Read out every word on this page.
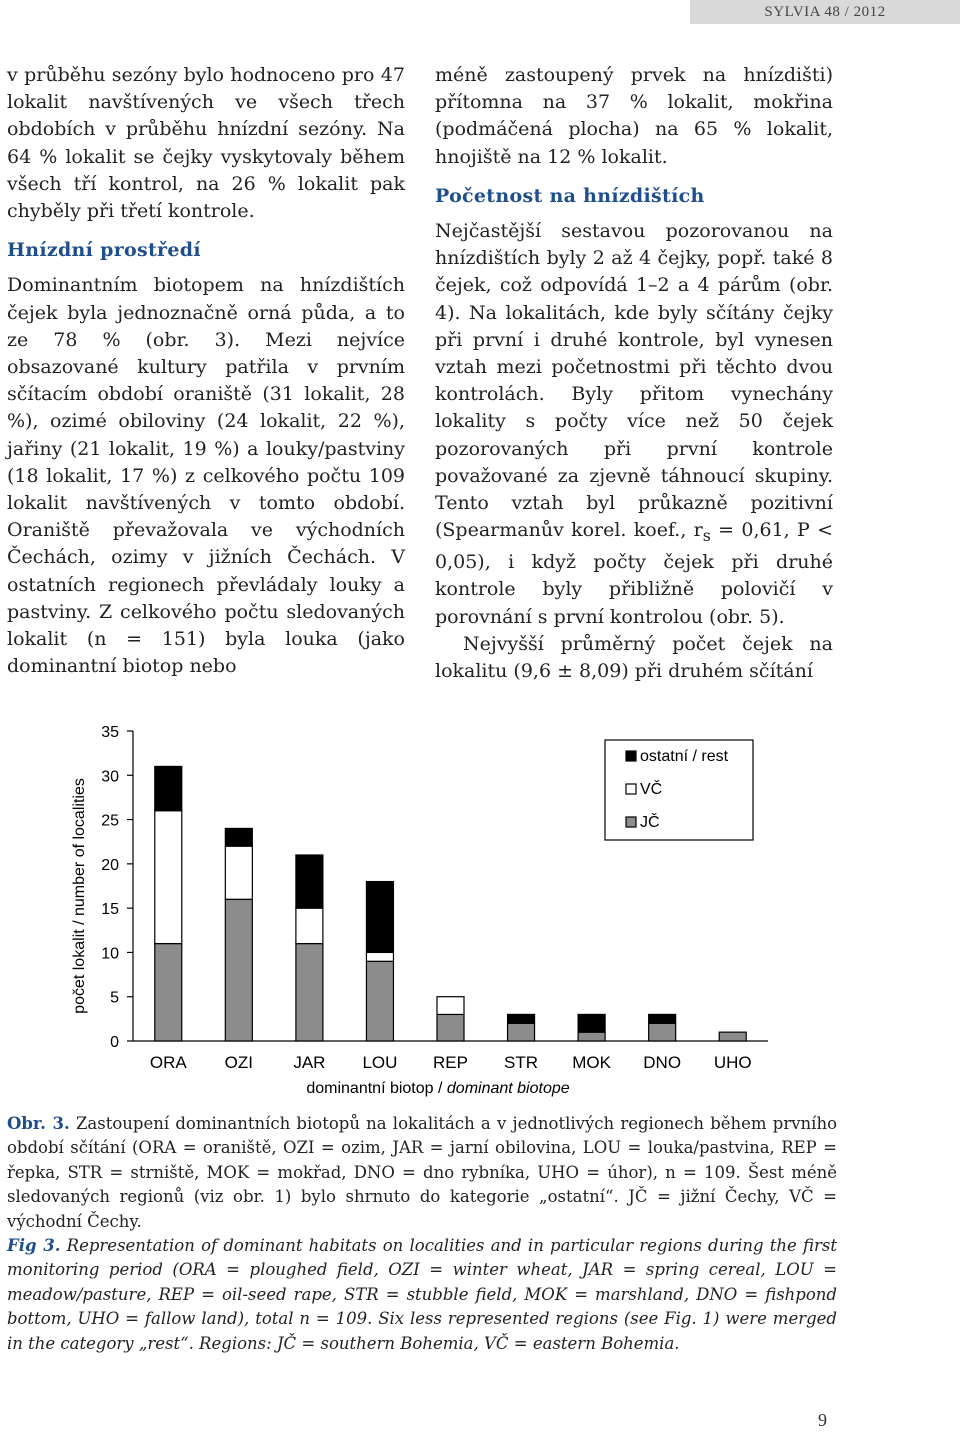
SYLVIA 48 / 2012

v průběhu sezóny bylo hodnoceno pro 47 lokalit navštívených ve všech třech obdobích v průběhu hnízdní sezóny. Na 64 % lokalit se čejky vyskytovaly během všech tří kontrol, na 26 % lokalit pak chyběly při třetí kontrole.

Hnízdní prostředí

Dominantním biotopem na hnízdištích čejek byla jednoznačně orná půda, a to ze 78 % (obr. 3). Mezi nejvíce obsazované kultury patřila v prvním sčítacím období oraniště (31 lokalit, 28 %), ozimé obiloviny (24 lokalit, 22 %), jařiny (21 lokalit, 19 %) a louky/pastviny (18 lokalit, 17 %) z celkového počtu 109 lokalit navštívených v tomto období. Oraniště převažovala ve východních Čechách, ozimy v jižních Čechách. V ostatních regionech převládaly louky a pastviny. Z celkového počtu sledovaných lokalit (n = 151) byla louka (jako dominantní biotop nebo

méně zastoupený prvek na hnízdišti) přítomna na 37 % lokalit, mokřina (podmáčená plocha) na 65 % lokalit, hnojiště na 12 % lokalit.

Početnost na hnízdištích

Nejčastější sestavou pozorovanou na hnízdištích byly 2 až 4 čejky, popř. také 8 čejek, což odpovídá 1–2 a 4 párům (obr. 4). Na lokalitách, kde byly sčítány čejky při první i druhé kontrole, byl vynesen vztah mezi početnostmi při těchto dvou kontrolách. Byly přitom vynechány lokality s počty více než 50 čejek pozorovaných při první kontrole považované za zjevně táhnoucí skupiny. Tento vztah byl průkazně pozitivní (Spearmanův korel. koef., $r_s = 0,61$, P < 0,05), i když počty čejek při druhé kontrole byly přibližně polovičí v porovnání s první kontrolou (obr. 5).

Nejvyšší průměrný počet čejek na lokalitu (9,6 ± 8,09) při druhém sčítání

0
5
10
15
20
25
30
35
ORA OZI JAR LOU REP STR MOK DNO UHO
počet lokalit / number of localities
dominantní biotop / dominant biotope
ostatní / rest
VČ
JČ

Obr. 3. Zastoupení dominantních biotopů na lokalitách a v jednotlivých regionech během prvního období sčítání (ORA = oraniště, OZI = ozim, JAR = jarní obilovina, LOU = louka/pastvina, REP = řepka, STR = strniště, MOK = mokřad, DNO = dno rybníka, UHO = úhor), n = 109. Šest méně sledovaných regionů (viz obr. 1) bylo shrnuto do kategorie „ostatní“. JČ = jižní Čechy, VČ = východní Čechy.

Fig 3. Representation of dominant habitats on localities and in particular regions during the first monitoring period (ORA = ploughed field, OZI = winter wheat, JAR = spring cereal, LOU = meadow/pasture, REP = oil-seed rape, STR = stubble field, MOK = marshland, DNO = fishpond bottom, UHO = fallow land), total n = 109. Six less represented regions (see Fig. 1) were merged in the category „rest“. Regions: JČ = southern Bohemia, VČ = eastern Bohemia.

9
